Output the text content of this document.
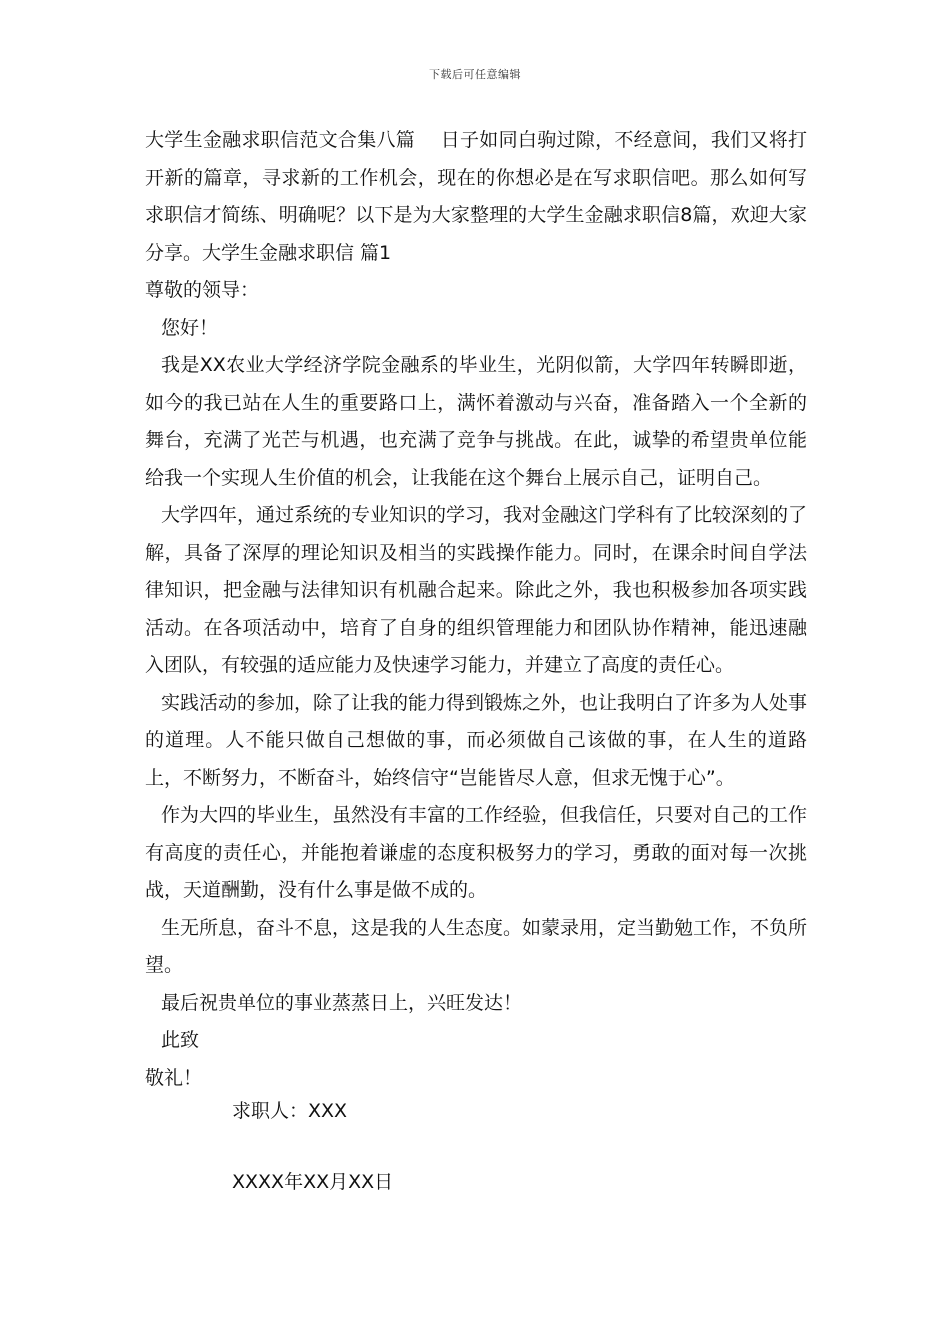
下载后可任意编辑

大学生金融求职信范文合集八篇　 日子如同白驹过隙，不经意间，我们又将打开新的篇章，寻求新的工作机会，现在的你想必是在写求职信吧。那么如何写求职信才简练、明确呢？以下是为大家整理的大学生金融求职信8篇，欢迎大家分享。大学生金融求职信 篇1

尊敬的领导：

您好！

我是XX农业大学经济学院金融系的毕业生，光阴似箭，大学四年转瞬即逝，如今的我已站在人生的重要路口上，满怀着激动与兴奋，准备踏入一个全新的舞台，充满了光芒与机遇，也充满了竞争与挑战。在此，诚挚的希望贵单位能给我一个实现人生价值的机会，让我能在这个舞台上展示自己，证明自己。

大学四年，通过系统的专业知识的学习，我对金融这门学科有了比较深刻的了解，具备了深厚的理论知识及相当的实践操作能力。同时，在课余时间自学法律知识，把金融与法律知识有机融合起来。除此之外，我也积极参加各项实践活动。在各项活动中，培育了自身的组织管理能力和团队协作精神，能迅速融入团队，有较强的适应能力及快速学习能力，并建立了高度的责任心。

实践活动的参加，除了让我的能力得到锻炼之外，也让我明白了许多为人处事的道理。人不能只做自己想做的事，而必须做自己该做的事，在人生的道路上，不断努力，不断奋斗，始终信守“岂能皆尽人意，但求无愧于心”。

作为大四的毕业生，虽然没有丰富的工作经验，但我信任，只要对自己的工作有高度的责任心，并能抱着谦虚的态度积极努力的学习，勇敢的面对每一次挑战，天道酬勤，没有什么事是做不成的。

生无所息，奋斗不息，这是我的人生态度。如蒙录用，定当勤勉工作，不负所望。

最后祝贵单位的事业蒸蒸日上，兴旺发达！

此致

敬礼！

求职人：XXX
XXXX年XX月XX日
